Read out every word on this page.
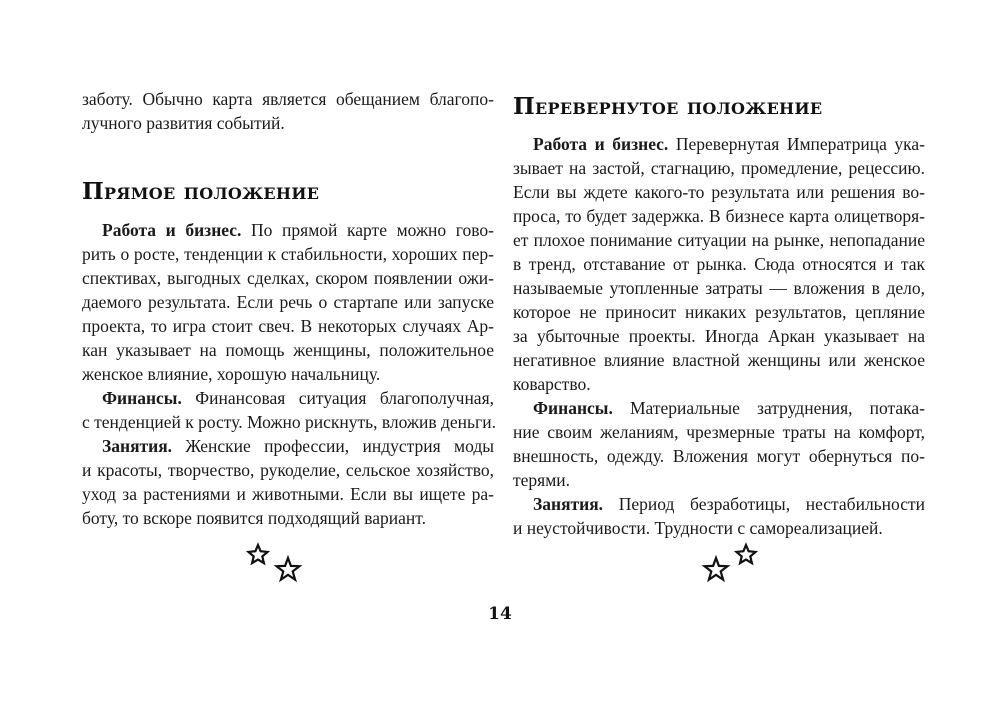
заботу. Обычно карта является обещанием благопо-
лучного развития событий.
Прямое положение
Работа и бизнес. По прямой карте можно гово-
рить о росте, тенденции к стабильности, хороших пер-
спективах, выгодных сделках, скором появлении ожи-
даемого результата. Если речь о стартапе или запуске
проекта, то игра стоит свеч. В некоторых случаях Ар-
кан указывает на помощь женщины, положительное
женское влияние, хорошую начальницу.
Финансы. Финансовая ситуация благополучная,
с тенденцией к росту. Можно рискнуть, вложив деньги.
Занятия. Женские профессии, индустрия моды
и красоты, творчество, рукоделие, сельское хозяйство,
уход за растениями и животными. Если вы ищете ра-
боту, то вскоре появится подходящий вариант.
Перевернутое положение
Работа и бизнес. Перевернутая Императрица ука-
зывает на застой, стагнацию, промедление, рецессию.
Если вы ждете какого-то результата или решения во-
проса, то будет задержка. В бизнесе карта олицетворя-
ет плохое понимание ситуации на рынке, непопадание
в тренд, отставание от рынка. Сюда относятся и так
называемые утопленные затраты — вложения в дело,
которое не приносит никаких результатов, цепляние
за убыточные проекты. Иногда Аркан указывает на
негативное влияние властной женщины или женское
коварство.
Финансы. Материальные затруднения, потака-
ние своим желаниям, чрезмерные траты на комфорт,
внешность, одежду. Вложения могут обернуться по-
терями.
Занятия. Период безработицы, нестабильности
и неустойчивости. Трудности с самореализацией.
14
